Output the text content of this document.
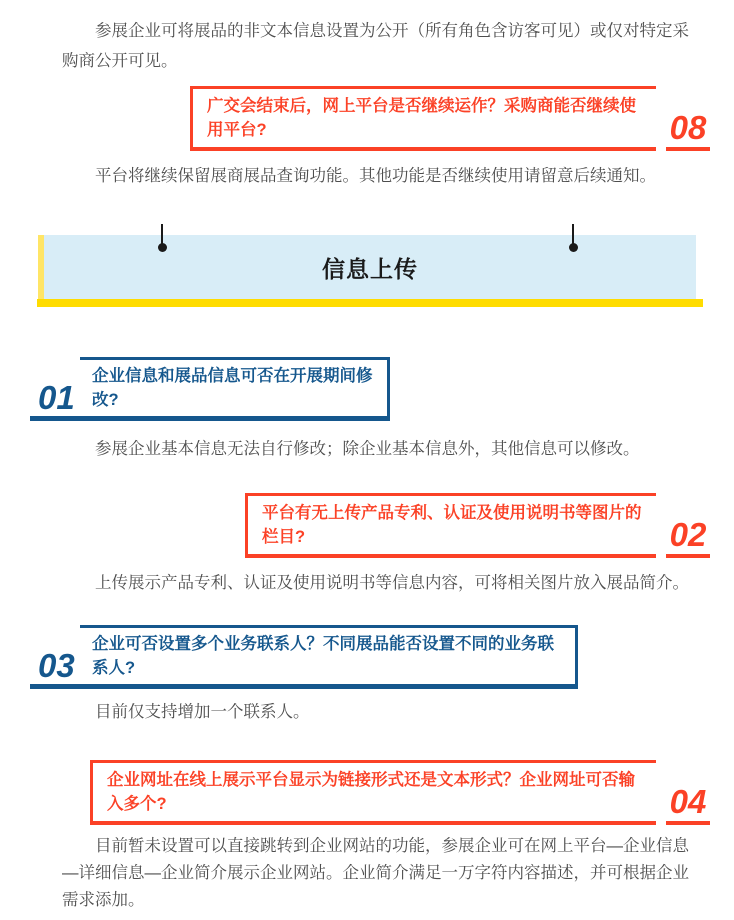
参展企业可将展品的非文本信息设置为公开（所有角色含访客可见）或仅对特定采购商公开可见。

广交会结束后，网上平台是否继续运作？采购商能否继续使用平台?	08

平台将继续保留展商展品查询功能。其他功能是否继续使用请留意后续通知。

信息上传
01
企业信息和展品信息可否在开展期间修改?

参展企业基本信息无法自行修改；除企业基本信息外，其他信息可以修改。

平台有无上传产品专利、认证及使用说明书等图片的栏目?	02

上传展示产品专利、认证及使用说明书等信息内容，可将相关图片放入展品简介。

03
企业可否设置多个业务联系人？不同展品能否设置不同的业务联系人?

目前仅支持增加一个联系人。

企业网址在线上展示平台显示为链接形式还是文本形式？企业网址可否输入多个?	04

目前暂未设置可以直接跳转到企业网站的功能，参展企业可在网上平台—企业信息—详细信息—企业简介展示企业网站。企业简介满足一万字符内容描述，并可根据企业需求添加。
